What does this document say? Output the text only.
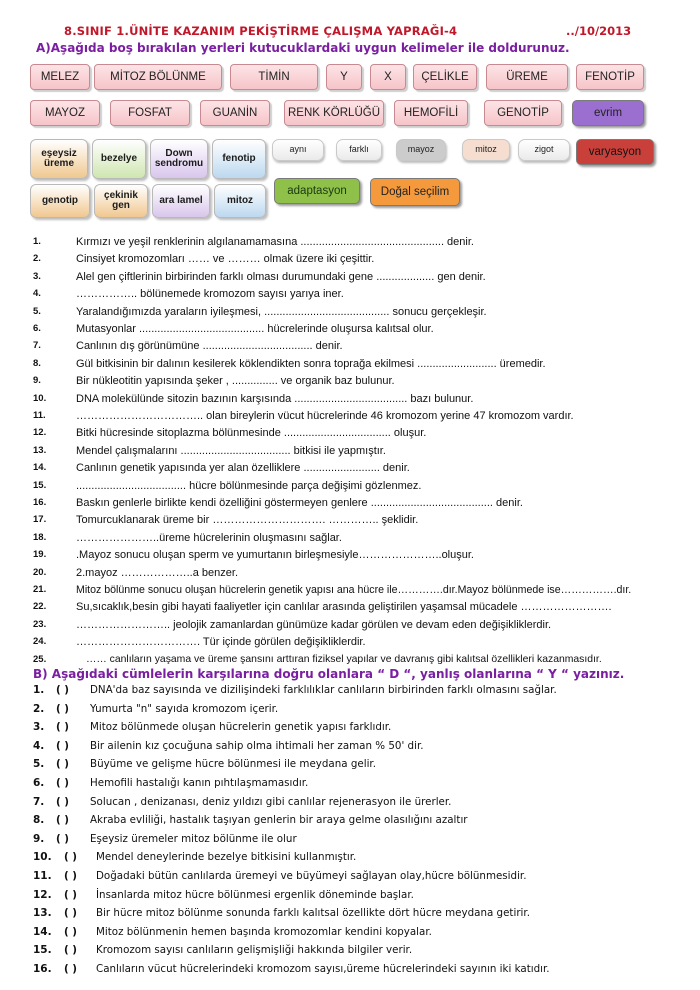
8.SINIF 1.ÜNİTE KAZANIM PEKİŞTİRME ÇALIŞMA YAPRAĞI-4	../10/2013
A)Aşağıda boş bırakılan yerleri kutucuklardaki uygun kelimeler ile doldurunuz.
MELEZ	MİTOZ BÖLÜNME	TİMİN	Y	X	ÇELİKLE	ÜREME	FENOTİP
MAYOZ	FOSFAT	GUANİN	RENK KÖRLÜĞÜ	HEMOFİLİ	GENOTİP	evrim
eşeysiz üreme	bezelye	Down sendromu	fenotip
aynı	farklı	mayoz	mitoz	zigot	varyasyon
genotip	çekinik gen	ara lamel	mitoz
adaptasyon	Doğal seçilim
1.	Kırmızı ve yeşil renklerinin algılanamamasına ............................................... denir.
2.	Cinsiyet kromozomları …… ve ……… olmak üzere iki çeşittir.
3.	Alel gen çiftlerinin birbirinden farklı olması durumundaki gene ................... gen denir.
4.	…………….. bölünemede kromozom sayısı yarıya iner.
5.	Yaralandığımızda yaraların iyileşmesi, ......................................... sonucu gerçekleşir.
6.	Mutasyonlar ......................................... hücrelerinde oluşursa kalıtsal olur.
7.	Canlının dış görünümüne .................................... denir.
8.	Gül bitkisinin bir dalının kesilerek köklendikten sonra toprağa ekilmesi .......................... üremedir.
9.	Bir nükleotitin yapısında şeker , ............... ve organik baz bulunur.
10.	DNA molekülünde sitozin bazının karşısında ..................................... bazı bulunur.
11.	…………………………….. olan bireylerin vücut hücrelerinde 46 kromozom yerine 47 kromozom vardır.
12.	Bitki hücresinde sitoplazma bölünmesinde ................................... oluşur.
13.	Mendel çalışmalarını .................................... bitkisi ile yapmıştır.
14.	Canlının genetik yapısında yer alan özelliklere ......................... denir.
15.	.................................... hücre bölünmesinde parça değişimi gözlenmez.
16.	Baskın genlerle birlikte kendi özelliğini göstermeyen genlere ........................................ denir.
17.	Tomurcuklanarak üreme bir …………………………. ………….. şeklidir.
18.	…………………..üreme hücrelerinin oluşmasını sağlar.
19.	.Mayoz sonucu oluşan sperm ve yumurtanın birleşmesiyle…………………..oluşur.
20.	2.mayoz ………………..a benzer.
21.	Mitoz bölünme sonucu oluşan hücrelerin genetik yapısı ana hücre ile………….dır.Mayoz bölünmede ise…………….dır.
22.	Su,sıcaklık,besin gibi hayati faaliyetler için canlılar arasında geliştirilen yaşamsal mücadele …………………….
23.	…………………….. jeolojik zamanlardan günümüze kadar görülen ve devam eden değişikliklerdir.
24.	……………………………. Tür içinde görülen değişikliklerdir.
25.	…… canlıların yaşama ve üreme şansını arttıran fiziksel yapılar ve davranış gibi kalıtsal özellikleri kazanmasıdır.
B) Aşağıdaki cümlelerin karşılarına doğru olanlara “ D “, yanlış olanlarına “ Y “ yazınız.
1. ( ) DNA'da baz sayısında ve dizilişindeki farklılıklar canlıların birbirinden farklı olmasını sağlar.
2. ( ) Yumurta "n" sayıda kromozom içerir.
3. ( ) Mitoz bölünmede oluşan hücrelerin genetik yapısı farklıdır.
4. ( ) Bir ailenin kız çocuğuna sahip olma ihtimali her zaman % 50' dir.
5. ( ) Büyüme ve gelişme hücre bölünmesi ile meydana gelir.
6. ( ) Hemofili hastalığı kanın pıhtılaşmamasıdır.
7. ( ) Solucan , denizanası, deniz yıldızı gibi canlılar rejenerasyon ile ürerler.
8. ( ) Akraba evliliği, hastalık taşıyan genlerin bir araya gelme olasılığını azaltır
9. ( ) Eşeysiz üremeler mitoz bölünme ile olur
10. ( ) Mendel deneylerinde bezelye bitkisini kullanmıştır.
11. ( ) Doğadaki bütün canlılarda üremeyi ve büyümeyi sağlayan olay,hücre bölünmesidir.
12. ( ) İnsanlarda mitoz hücre bölünmesi ergenlik döneminde başlar.
13. ( ) Bir hücre mitoz bölünme sonunda farklı kalıtsal özellikte dört hücre meydana getirir.
14. ( ) Mitoz bölünmenin hemen başında kromozomlar kendini kopyalar.
15. ( ) Kromozom sayısı canlıların gelişmişliği hakkında bilgiler verir.
16. ( ) Canlıların vücut hücrelerindeki kromozom sayısı,üreme hücrelerindeki sayının iki katıdır.
